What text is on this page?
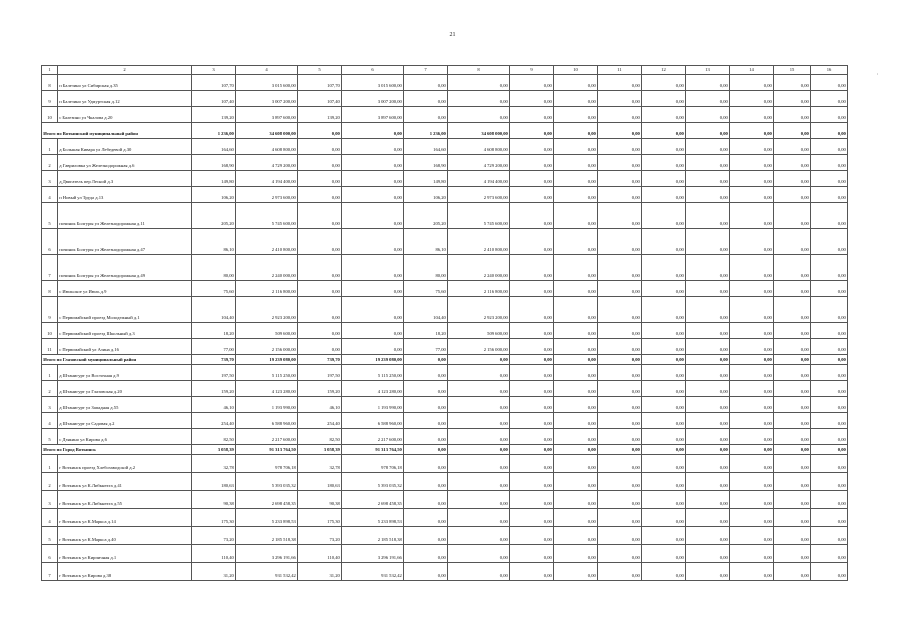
21
,
1	2	3	4	5	6	7	8	9	10	11	12	13	14	15	16
8	п Балезино ул Сибирская д.35	107,70	3 015 600,00	107,70	3 015 600,00	0,00	0,00	0,00	0,00	0,00	0,00	0,00	0,00	0,00	0,00
9	п Балезино ул Удмуртская д.12	107,40	3 007 200,00	107,40	3 007 200,00	0,00	0,00	0,00	0,00	0,00	0,00	0,00	0,00	0,00	0,00
10	с Балезино ул Чкалова д.20	139,20	3 897 600,00	139,20	3 897 600,00	0,00	0,00	0,00	0,00	0,00	0,00	0,00	0,00	0,00	0,00
Итого по Воткинский муниципальный район		1 236,00	34 608 000,00	0,00	0,00	1 236,00	34 608 000,00	0,00	0,00	0,00	0,00	0,00	0,00	0,00	0,00
1	д Большая Кивара ул Лебедевой д.30	164,60	4 608 800,00	0,00	0,00	164,60	4 608 800,00	0,00	0,00	0,00	0,00	0,00	0,00	0,00	0,00
2	д Гавриловка ул Железнодорожная д.6	168,90	4 729 200,00	0,00	0,00	168,90	4 729 200,00	0,00	0,00	0,00	0,00	0,00	0,00	0,00	0,00
3	д Двигатель пер Лесной д.3	149,80	4 194 400,00	0,00	0,00	149,80	4 194 400,00	0,00	0,00	0,00	0,00	0,00	0,00	0,00	0,00
4	п Новый ул Труда д.13	106,20	2 973 600,00	0,00	0,00	106,20	2 973 600,00	0,00	0,00	0,00	0,00	0,00	0,00	0,00	0,00
5	починок Болгуры ул Железнодорожная д.11	205,20	5 745 600,00	0,00	0,00	205,20	5 745 600,00	0,00	0,00	0,00	0,00	0,00	0,00	0,00	0,00
6	починок Болгуры ул Железнодорожная д.47	86,10	2 410 800,00	0,00	0,00	86,10	2 410 800,00	0,00	0,00	0,00	0,00	0,00	0,00	0,00	0,00
7	починок Болгуры ул Железнодорожная д.49	80,00	2 240 000,00	0,00	0,00	80,00	2 240 000,00	0,00	0,00	0,00	0,00	0,00	0,00	0,00	0,00
8	с Июльское ул Июль д.9	75,60	2 116 800,00	0,00	0,00	75,60	2 116 800,00	0,00	0,00	0,00	0,00	0,00	0,00	0,00	0,00
9	с Первомайский проезд Молодежный д.1	104,40	2 923 200,00	0,00	0,00	104,40	2 923 200,00	0,00	0,00	0,00	0,00	0,00	0,00	0,00	0,00
10	с Первомайский проезд Школьный д.3	18,20	509 600,00	0,00	0,00	18,20	509 600,00	0,00	0,00	0,00	0,00	0,00	0,00	0,00	0,00
11	с Первомайский ул Азина д.16	77,00	2 156 000,00	0,00	0,00	77,00	2 156 000,00	0,00	0,00	0,00	0,00	0,00	0,00	0,00	0,00
Итого по Глазовский муниципальный район		739,70	19 239 080,00	739,70	19 239 080,00	0,00	0,00	0,00	0,00	0,00	0,00	0,00	0,00	0,00	0,00
1	д Штанигурт ул Восточная д.9	197,50	5 115 250,00	197,50	5 115 250,00	0,00	0,00	0,00	0,00	0,00	0,00	0,00	0,00	0,00	0,00
2	д Штанигурт ул Глазовская д.20	159,20	4 123 280,00	159,20	4 123 280,00	0,00	0,00	0,00	0,00	0,00	0,00	0,00	0,00	0,00	0,00
3	д Штанигурт ул Западная д.55	46,10	1 193 990,00	46,10	1 193 990,00	0,00	0,00	0,00	0,00	0,00	0,00	0,00	0,00	0,00	0,00
4	д Штанигурт ул Садовая д.2	254,40	6 588 960,00	254,40	6 588 960,00	0,00	0,00	0,00	0,00	0,00	0,00	0,00	0,00	0,00	0,00
5	с Дзякино ул Кирова д.6	82,50	2 217 600,00	82,50	2 217 600,00	0,00	0,00	0,00	0,00	0,00	0,00	0,00	0,00	0,00	0,00
Итого по Город Воткинск		3 058,39	91 313 764,50	3 058,39	91 313 764,50	0,00	0,00	0,00	0,00	0,00	0,00	0,00	0,00	0,00	0,00
1	г Воткинск проезд Хлебозаводской д.2	32,78	978 706,18	32,78	978 706,18	0,00	0,00	0,00	0,00	0,00	0,00	0,00	0,00	0,00	0,00
2	г Воткинск ул К.Либкнехта д.41	180,63	5 393 035,32	180,63	5 393 035,32	0,00	0,00	0,00	0,00	0,00	0,00	0,00	0,00	0,00	0,00
3	г Воткинск ул К.Либкнехта д.55	90,38	2 698 458,35	90,38	2 698 458,35	0,00	0,00	0,00	0,00	0,00	0,00	0,00	0,00	0,00	0,00
4	г Воткинск ул К.Маркса д.14	175,30	5 233 898,53	175,30	5 233 898,53	0,00	0,00	0,00	0,00	0,00	0,00	0,00	0,00	0,00	0,00
5	г Воткинск ул К.Маркса д.40	73,20	2 185 518,38	73,20	2 185 518,38	0,00	0,00	0,00	0,00	0,00	0,00	0,00	0,00	0,00	0,00
6	г Воткинск ул Кирпичная д.1	110,40	3 296 191,66	110,40	3 296 191,66	0,00	0,00	0,00	0,00	0,00	0,00	0,00	0,00	0,00	0,00
7	г Воткинск ул Кирова д.38	31,20	931 532,42	31,20	931 532,42	0,00	0,00	0,00	0,00	0,00	0,00	0,00	0,00	0,00	0,00
